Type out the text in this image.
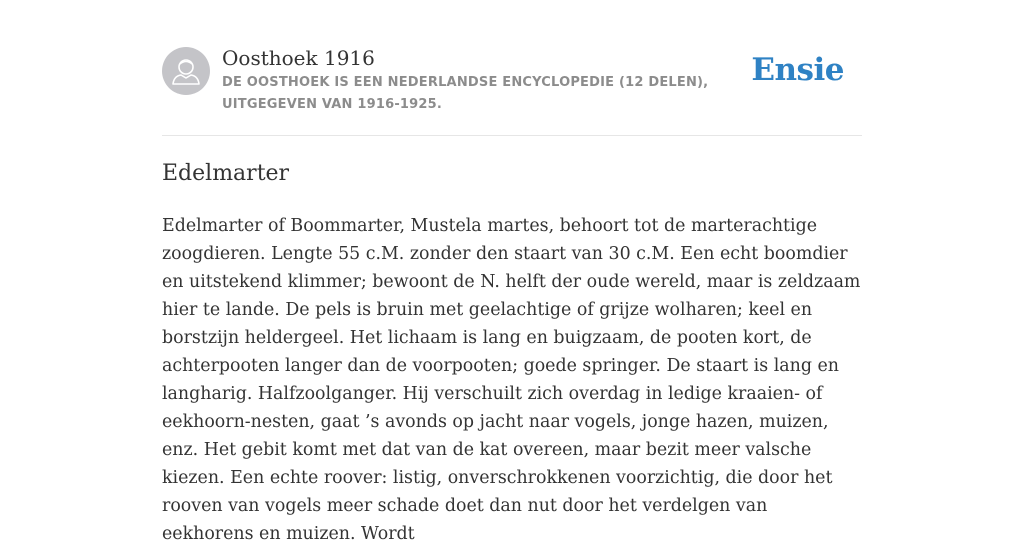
Oosthoek 1916
DE OOSTHOEK IS EEN NEDERLANDSE ENCYCLOPEDIE (12 DELEN), UITGEGEVEN VAN 1916-1925.
Ensie
Edelmarter

Edelmarter of Boommarter, Mustela martes, behoort tot de marterachtige zoogdieren. Lengte 55 c.M. zonder den staart van 30 c.M. Een echt boomdier en uitstekend klimmer; bewoont de N. helft der oude wereld, maar is zeldzaam hier te lande. De pels is bruin met geelachtige of grijze wolharen; keel en borstzijn heldergeel. Het lichaam is lang en buigzaam, de pooten kort, de achterpooten langer dan de voorpooten; goede springer. De staart is lang en langharig. Halfzoolganger. Hij verschuilt zich overdag in ledige kraaien- of eekhoorn-nesten, gaat ’s avonds op jacht naar vogels, jonge hazen, muizen, enz. Het gebit komt met dat van de kat overeen, maar bezit meer valsche kiezen. Een echte roover: listig, onverschrokkenen voorzichtig, die door het rooven van vogels meer schade doet dan nut door het verdelgen van eekhorens en muizen. Wordt
